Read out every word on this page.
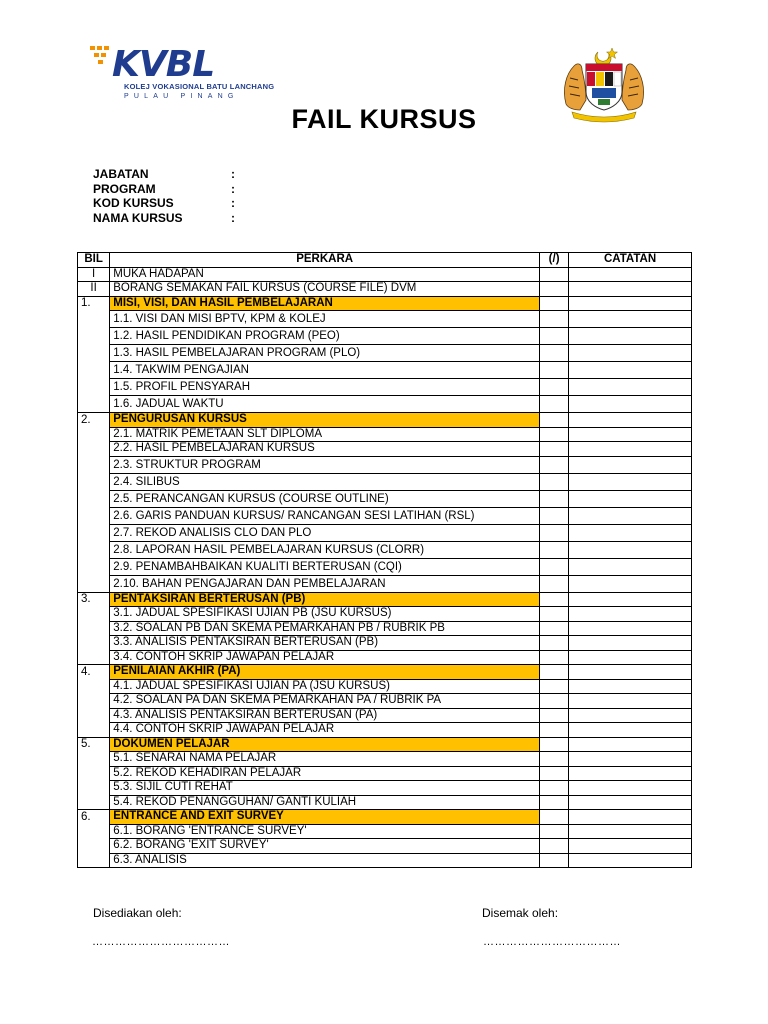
KVBL
KOLEJ VOKASIONAL BATU LANCHANG
PULAU PINANG
FAIL KURSUS
JABATAN	:
PROGRAM	:
KOD KURSUS	:
NAMA KURSUS	:
BIL	PERKARA	(/)	CATATAN
I	MUKA HADAPAN		
II	BORANG SEMAKAN FAIL KURSUS (COURSE FILE) DVM		
1.	MISI, VISI, DAN HASIL PEMBELAJARAN		
	1.1. VISI DAN MISI BPTV, KPM & KOLEJ		
	1.2. HASIL PENDIDIKAN PROGRAM (PEO)		
	1.3. HASIL PEMBELAJARAN PROGRAM (PLO)		
	1.4. TAKWIM PENGAJIAN		
	1.5. PROFIL PENSYARAH		
	1.6. JADUAL WAKTU		
2.	PENGURUSAN KURSUS		
	2.1. MATRIK PEMETAAN SLT DIPLOMA		
	2.2. HASIL PEMBELAJARAN KURSUS		
	2.3. STRUKTUR PROGRAM		
	2.4. SILIBUS		
	2.5. PERANCANGAN KURSUS (COURSE OUTLINE)		
	2.6. GARIS PANDUAN KURSUS/ RANCANGAN SESI LATIHAN (RSL)		
	2.7. REKOD ANALISIS CLO DAN PLO		
	2.8. LAPORAN HASIL PEMBELAJARAN KURSUS (CLORR)		
	2.9. PENAMBAHBAIKAN KUALITI BERTERUSAN (CQI)		
	2.10. BAHAN PENGAJARAN DAN PEMBELAJARAN		
3.	PENTAKSIRAN BERTERUSAN (PB)		
	3.1. JADUAL SPESIFIKASI UJIAN PB (JSU KURSUS)		
	3.2. SOALAN PB DAN SKEMA PEMARKAHAN PB / RUBRIK PB		
	3.3. ANALISIS PENTAKSIRAN BERTERUSAN (PB)		
	3.4. CONTOH SKRIP JAWAPAN PELAJAR		
4.	PENILAIAN AKHIR (PA)		
	4.1. JADUAL SPESIFIKASI UJIAN PA (JSU KURSUS)		
	4.2. SOALAN PA DAN SKEMA PEMARKAHAN PA / RUBRIK PA		
	4.3. ANALISIS PENTAKSIRAN BERTERUSAN (PA)		
	4.4. CONTOH SKRIP JAWAPAN PELAJAR		
5.	DOKUMEN PELAJAR		
	5.1. SENARAI NAMA PELAJAR		
	5.2. REKOD KEHADIRAN PELAJAR		
	5.3. SIJIL CUTI REHAT		
	5.4. REKOD PENANGGUHAN/ GANTI KULIAH		
6.	ENTRANCE AND EXIT SURVEY		
	6.1. BORANG 'ENTRANCE SURVEY'		
	6.2. BORANG 'EXIT SURVEY'		
	6.3. ANALISIS		
Disediakan oleh:	Disemak oleh:
………………………………	………………………………
